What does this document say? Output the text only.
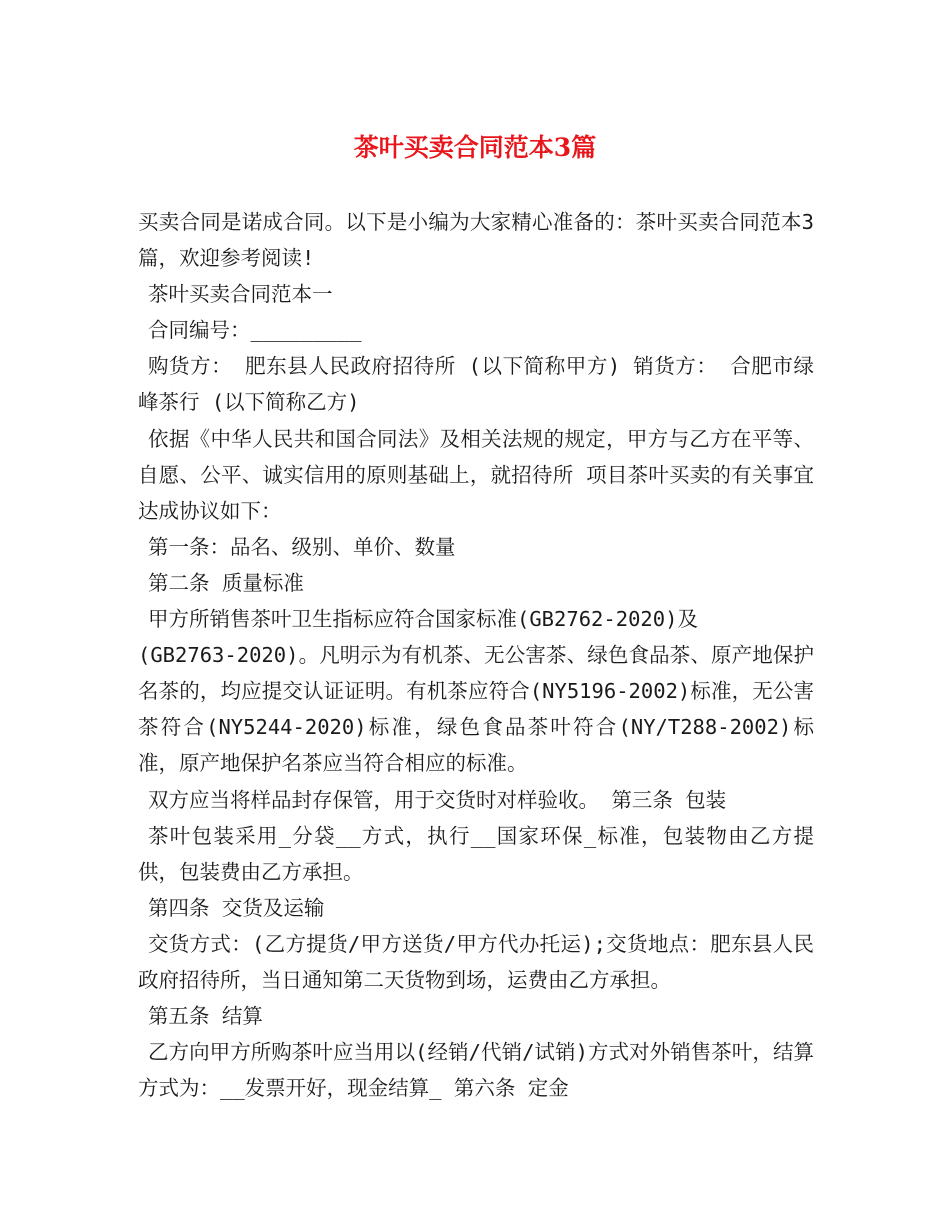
茶叶买卖合同范本3篇

买卖合同是诺成合同。以下是小编为大家精心准备的：茶叶买卖合同范本3篇，欢迎参考阅读!

茶叶买卖合同范本一

合同编号：_________

购货方： 肥东县人民政府招待所 (以下简称甲方) 销货方： 合肥市绿峰茶行 (以下简称乙方)

依据《中华人民共和国合同法》及相关法规的规定，甲方与乙方在平等、自愿、公平、诚实信用的原则基础上，就招待所 项目茶叶买卖的有关事宜达成协议如下：

第一条：品名、级别、单价、数量

第二条 质量标准

甲方所销售茶叶卫生指标应符合国家标准(GB2762-2020)及

(GB2763-2020)。凡明示为有机茶、无公害茶、绿色食品茶、原产地保护名茶的，均应提交认证证明。有机茶应符合(NY5196-2002)标准，无公害茶符合(NY5244-2020)标准，绿色食品茶叶符合(NY/T288-2002)标准，原产地保护名茶应当符合相应的标准。

双方应当将样品封存保管，用于交货时对样验收。 第三条 包装

茶叶包装采用_分袋__方式，执行__国家环保_标准，包装物由乙方提供，包装费由乙方承担。

第四条 交货及运输

交货方式：(乙方提货/甲方送货/甲方代办托运);交货地点：肥东县人民政府招待所，当日通知第二天货物到场，运费由乙方承担。

第五条 结算

乙方向甲方所购茶叶应当用以(经销/代销/试销)方式对外销售茶叶，结算方式为：__发票开好，现金结算_ 第六条 定金
